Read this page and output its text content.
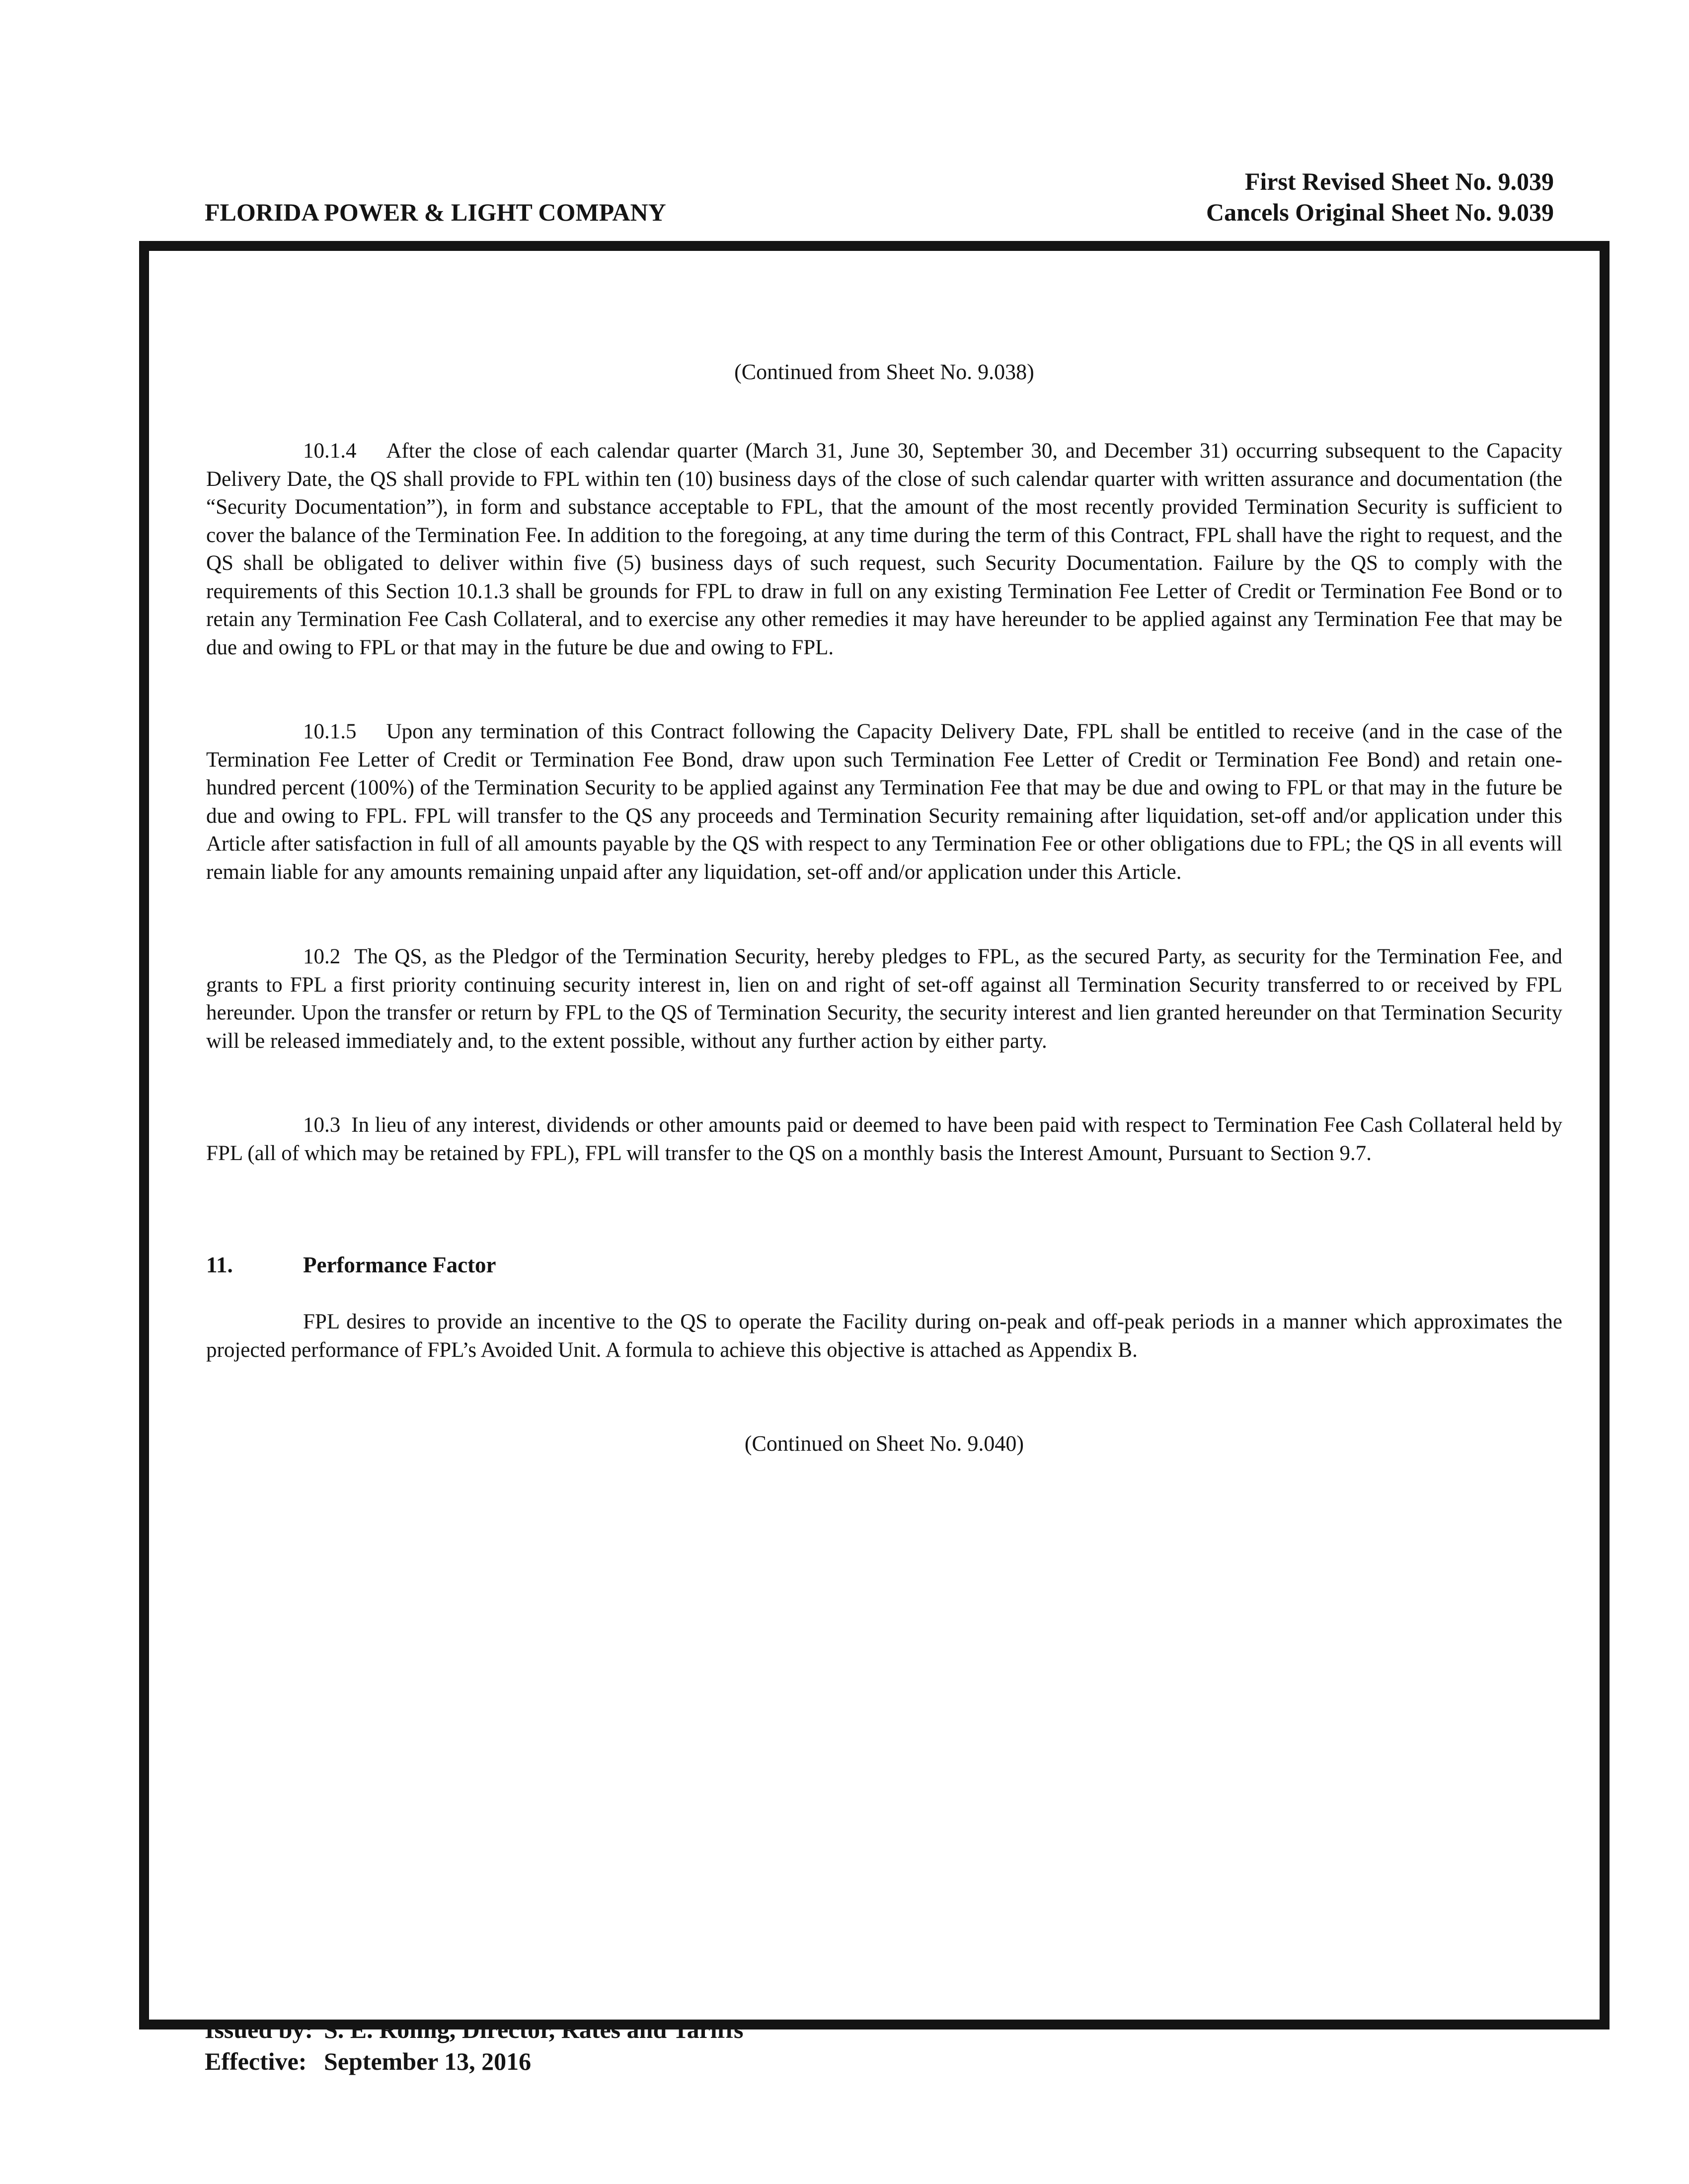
FLORIDA POWER & LIGHT COMPANY
First Revised Sheet No. 9.039
Cancels Original Sheet No. 9.039
(Continued from Sheet No. 9.038)
10.1.4 After the close of each calendar quarter (March 31, June 30, September 30, and December 31) occurring subsequent to the Capacity Delivery Date, the QS shall provide to FPL within ten (10) business days of the close of such calendar quarter with written assurance and documentation (the “Security Documentation”), in form and substance acceptable to FPL, that the amount of the most recently provided Termination Security is sufficient to cover the balance of the Termination Fee. In addition to the foregoing, at any time during the term of this Contract, FPL shall have the right to request, and the QS shall be obligated to deliver within five (5) business days of such request, such Security Documentation. Failure by the QS to comply with the requirements of this Section 10.1.3 shall be grounds for FPL to draw in full on any existing Termination Fee Letter of Credit or Termination Fee Bond or to retain any Termination Fee Cash Collateral, and to exercise any other remedies it may have hereunder to be applied against any Termination Fee that may be due and owing to FPL or that may in the future be due and owing to FPL.
10.1.5 Upon any termination of this Contract following the Capacity Delivery Date, FPL shall be entitled to receive (and in the case of the Termination Fee Letter of Credit or Termination Fee Bond, draw upon such Termination Fee Letter of Credit or Termination Fee Bond) and retain one- hundred percent (100%) of the Termination Security to be applied against any Termination Fee that may be due and owing to FPL or that may in the future be due and owing to FPL. FPL will transfer to the QS any proceeds and Termination Security remaining after liquidation, set-off and/or application under this Article after satisfaction in full of all amounts payable by the QS with respect to any Termination Fee or other obligations due to FPL; the QS in all events will remain liable for any amounts remaining unpaid after any liquidation, set-off and/or application under this Article.
10.2 The QS, as the Pledgor of the Termination Security, hereby pledges to FPL, as the secured Party, as security for the Termination Fee, and grants to FPL a first priority continuing security interest in, lien on and right of set-off against all Termination Security transferred to or received by FPL hereunder. Upon the transfer or return by FPL to the QS of Termination Security, the security interest and lien granted hereunder on that Termination Security will be released immediately and, to the extent possible, without any further action by either party.
10.3 In lieu of any interest, dividends or other amounts paid or deemed to have been paid with respect to Termination Fee Cash Collateral held by FPL (all of which may be retained by FPL), FPL will transfer to the QS on a monthly basis the Interest Amount, Pursuant to Section 9.7.
11.	Performance Factor
FPL desires to provide an incentive to the QS to operate the Facility during on-peak and off-peak periods in a manner which approximates the projected performance of FPL’s Avoided Unit. A formula to achieve this objective is attached as Appendix B.
(Continued on Sheet No. 9.040)
Issued by: S. E. Romig, Director, Rates and Tariffs
Effective: September 13, 2016
